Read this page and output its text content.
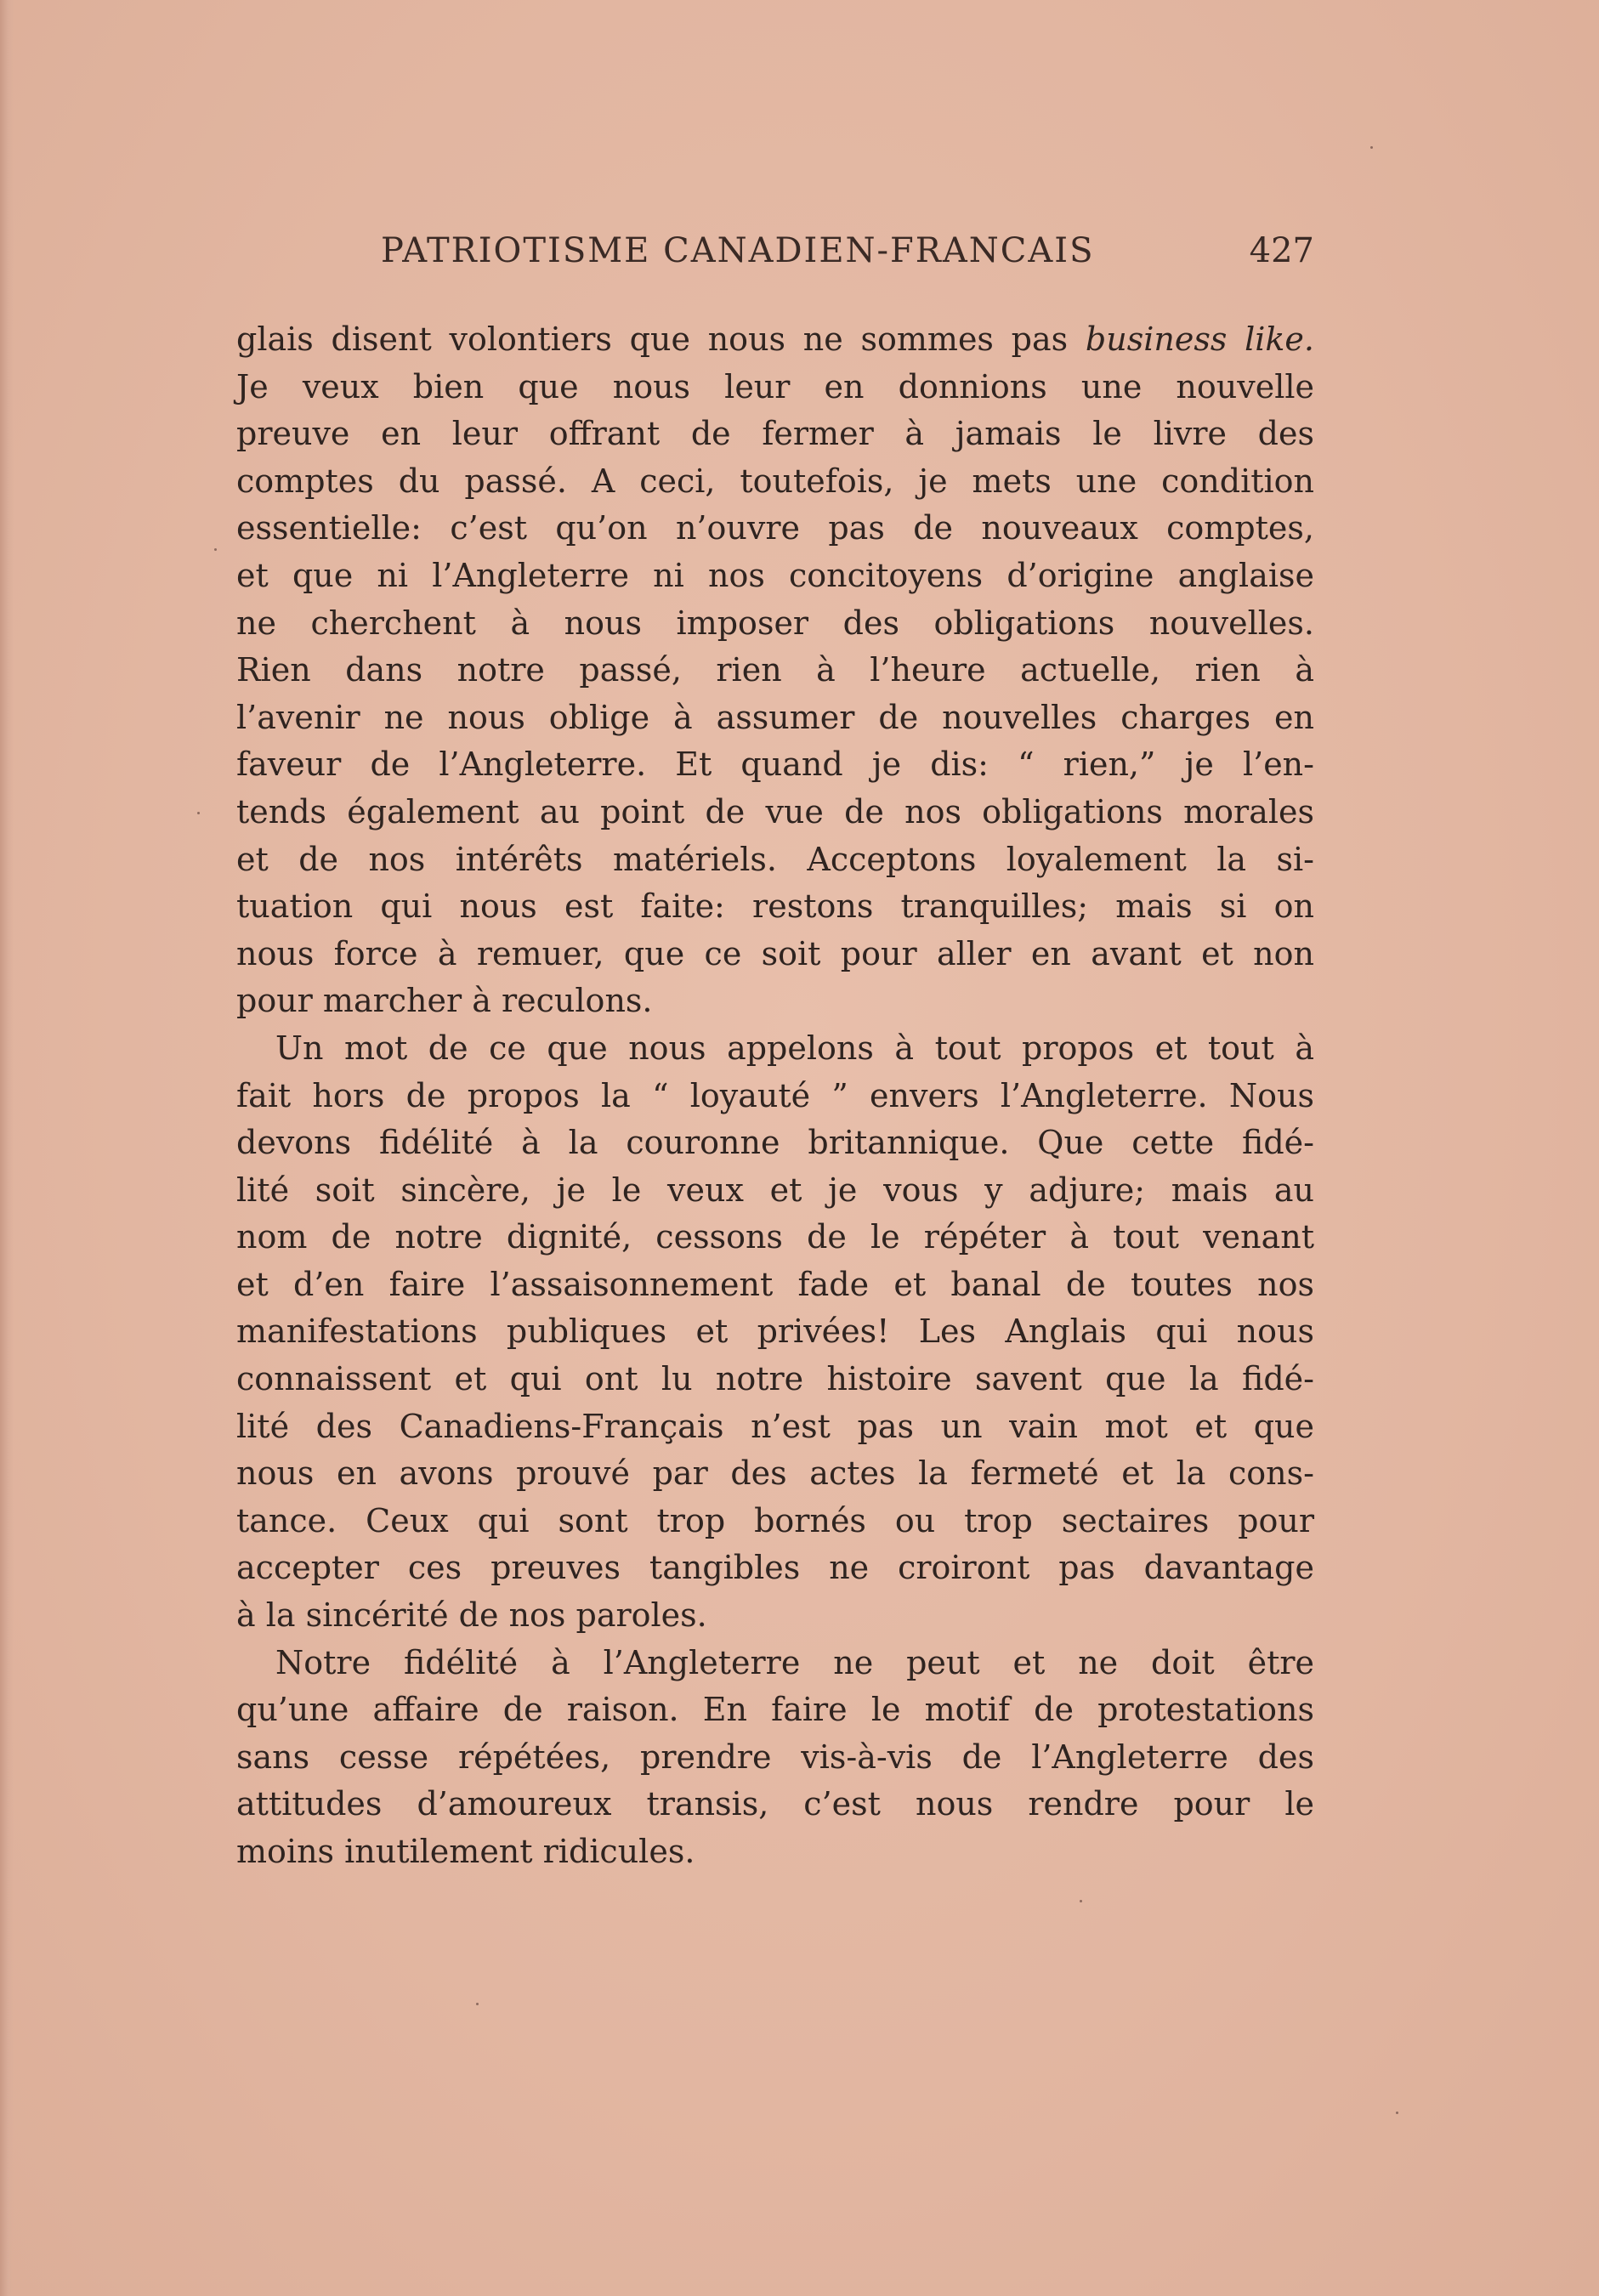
PATRIOTISME CANADIEN-FRANCAIS	427
glais disent volontiers que nous ne sommes pas business like.
Je veux bien que nous leur en donnions une nouvelle
preuve en leur offrant de fermer à jamais le livre des
comptes du passé. A ceci, toutefois, je mets une condition
essentielle: c’est qu’on n’ouvre pas de nouveaux comptes,
et que ni l’Angleterre ni nos concitoyens d’origine anglaise
ne cherchent à nous imposer des obligations nouvelles.
Rien dans notre passé, rien à l’heure actuelle, rien à
l’avenir ne nous oblige à assumer de nouvelles charges en
faveur de l’Angleterre. Et quand je dis: “ rien,” je l’en-
tends également au point de vue de nos obligations morales
et de nos intérêts matériels. Acceptons loyalement la si-
tuation qui nous est faite: restons tranquilles; mais si on
nous force à remuer, que ce soit pour aller en avant et non
pour marcher à reculons.
Un mot de ce que nous appelons à tout propos et tout à
fait hors de propos la “ loyauté ” envers l’Angleterre. Nous
devons fidélité à la couronne britannique. Que cette fidé-
lité soit sincère, je le veux et je vous y adjure; mais au
nom de notre dignité, cessons de le répéter à tout venant
et d’en faire l’assaisonnement fade et banal de toutes nos
manifestations publiques et privées! Les Anglais qui nous
connaissent et qui ont lu notre histoire savent que la fidé-
lité des Canadiens-Français n’est pas un vain mot et que
nous en avons prouvé par des actes la fermeté et la cons-
tance. Ceux qui sont trop bornés ou trop sectaires pour
accepter ces preuves tangibles ne croiront pas davantage
à la sincérité de nos paroles.
Notre fidélité à l’Angleterre ne peut et ne doit être
qu’une affaire de raison. En faire le motif de protestations
sans cesse répétées, prendre vis-à-vis de l’Angleterre des
attitudes d’amoureux transis, c’est nous rendre pour le
moins inutilement ridicules.
